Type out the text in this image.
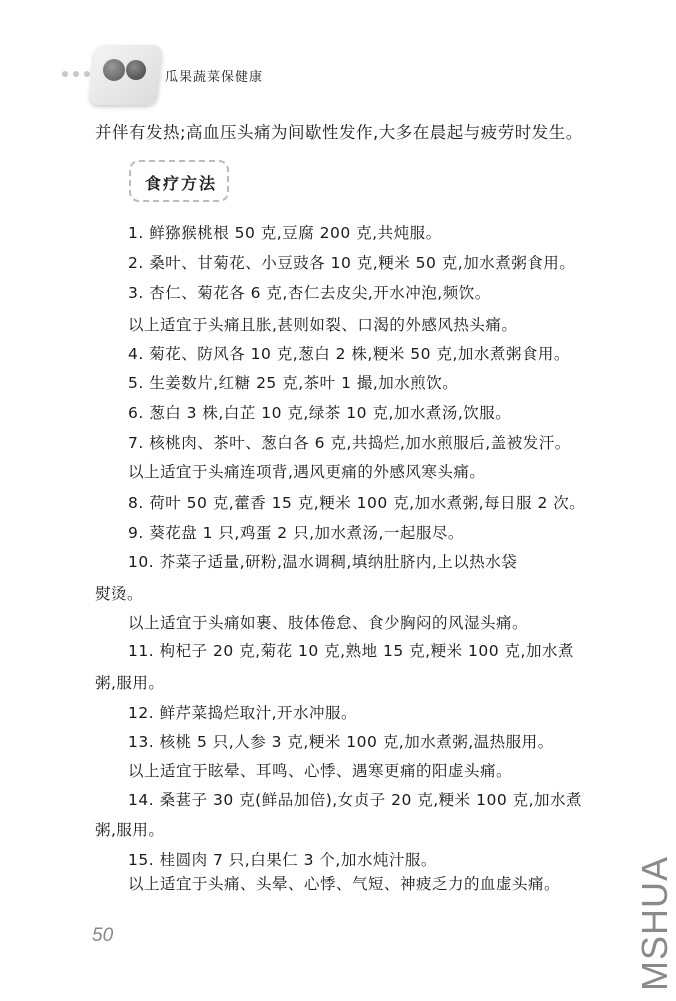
瓜果蔬菜保健康
并伴有发热;高血压头痛为间歇性发作,大多在晨起与疲劳时发生。
食疗方法
1. 鲜猕猴桃根 50 克,豆腐 200 克,共炖服。
2. 桑叶、甘菊花、小豆豉各 10 克,粳米 50 克,加水煮粥食用。
3. 杏仁、菊花各 6 克,杏仁去皮尖,开水冲泡,频饮。
以上适宜于头痛且胀,甚则如裂、口渴的外感风热头痛。
4. 菊花、防风各 10 克,葱白 2 株,粳米 50 克,加水煮粥食用。
5. 生姜数片,红糖 25 克,茶叶 1 撮,加水煎饮。
6. 葱白 3 株,白芷 10 克,绿茶 10 克,加水煮汤,饮服。
7. 核桃肉、茶叶、葱白各 6 克,共捣烂,加水煎服后,盖被发汗。
以上适宜于头痛连项背,遇风更痛的外感风寒头痛。
8. 荷叶 50 克,藿香 15 克,粳米 100 克,加水煮粥,每日服 2 次。
9. 葵花盘 1 只,鸡蛋 2 只,加水煮汤,一起服尽。
10. 芥菜子适量,研粉,温水调稠,填纳肚脐内,上以热水袋
熨烫。
以上适宜于头痛如裹、肢体倦怠、食少胸闷的风湿头痛。
11. 枸杞子 20 克,菊花 10 克,熟地 15 克,粳米 100 克,加水煮
粥,服用。
12. 鲜芹菜捣烂取汁,开水冲服。
13. 核桃 5 只,人参 3 克,粳米 100 克,加水煮粥,温热服用。
以上适宜于眩晕、耳鸣、心悸、遇寒更痛的阳虚头痛。
14. 桑葚子 30 克(鲜品加倍),女贞子 20 克,粳米 100 克,加水煮
粥,服用。
15. 桂圆肉 7 只,白果仁 3 个,加水炖汁服。
以上适宜于头痛、头晕、心悸、气短、神疲乏力的血虚头痛。
50	MSHUA
